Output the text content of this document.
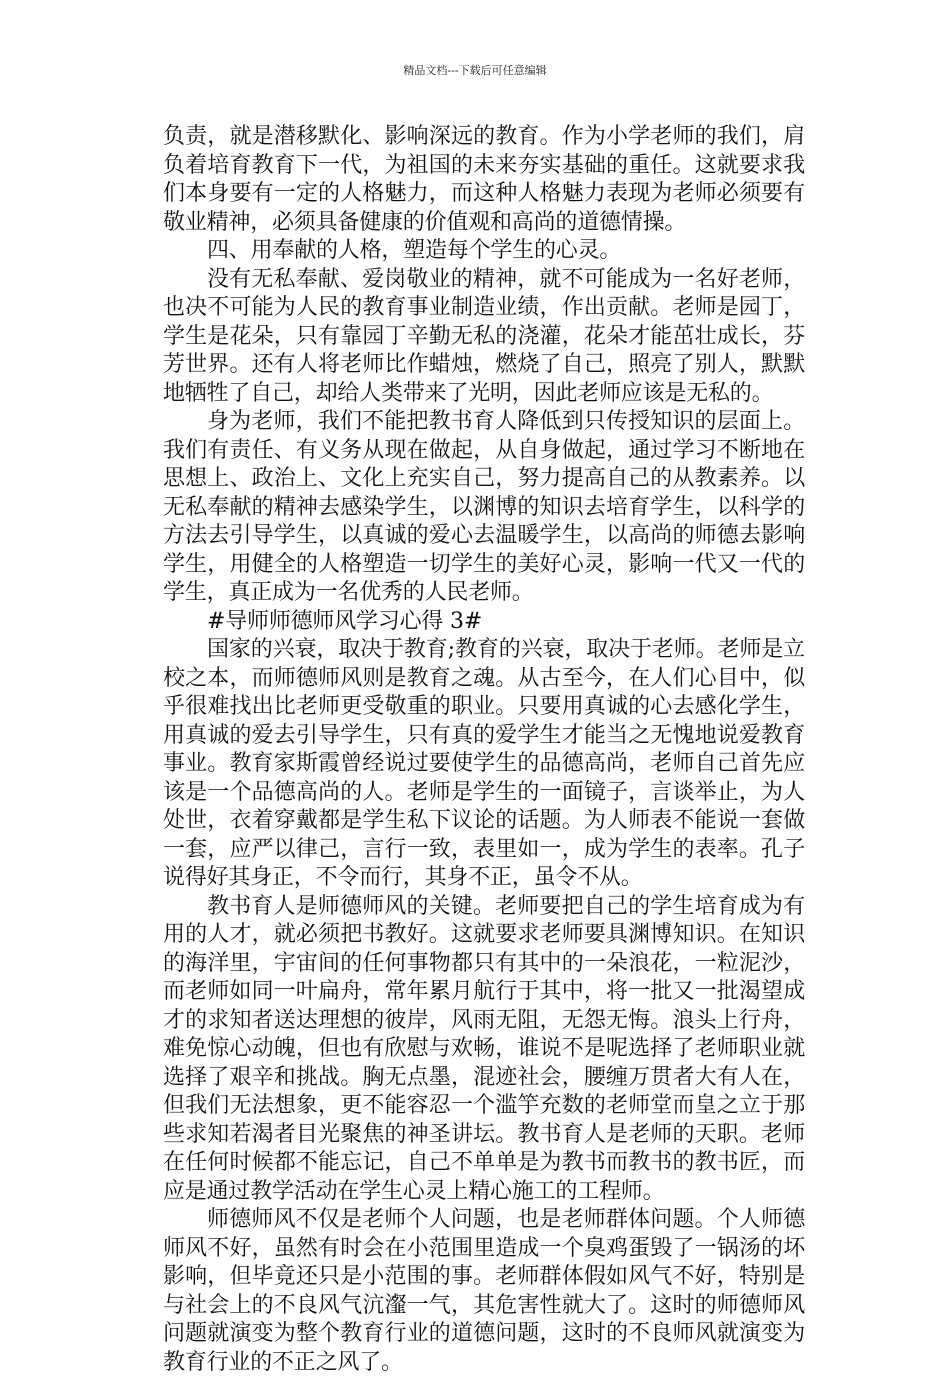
精品文档---下载后可任意编辑

负责，就是潜移默化、影响深远的教育。作为小学老师的我们，肩负着培育教育下一代，为祖国的未来夯实基础的重任。这就要求我们本身要有一定的人格魅力，而这种人格魅力表现为老师必须要有敬业精神，必须具备健康的价值观和高尚的道德情操。

四、用奉献的人格，塑造每个学生的心灵。

没有无私奉献、爱岗敬业的精神，就不可能成为一名好老师，也决不可能为人民的教育事业制造业绩，作出贡献。老师是园丁，学生是花朵，只有靠园丁辛勤无私的浇灌，花朵才能茁壮成长，芬芳世界。还有人将老师比作蜡烛，燃烧了自己，照亮了别人，默默地牺牲了自己，却给人类带来了光明，因此老师应该是无私的。

身为老师，我们不能把教书育人降低到只传授知识的层面上。我们有责任、有义务从现在做起，从自身做起，通过学习不断地在思想上、政治上、文化上充实自己，努力提高自己的从教素养。以无私奉献的精神去感染学生，以渊博的知识去培育学生，以科学的方法去引导学生，以真诚的爱心去温暖学生，以高尚的师德去影响学生，用健全的人格塑造一切学生的美好心灵，影响一代又一代的学生，真正成为一名优秀的人民老师。

#导师师德师风学习心得 3#

国家的兴衰，取决于教育;教育的兴衰，取决于老师。老师是立校之本，而师德师风则是教育之魂。从古至今，在人们心目中，似乎很难找出比老师更受敬重的职业。只要用真诚的心去感化学生，用真诚的爱去引导学生，只有真的爱学生才能当之无愧地说爱教育事业。教育家斯霞曾经说过要使学生的品德高尚，老师自己首先应该是一个品德高尚的人。老师是学生的一面镜子，言谈举止，为人处世，衣着穿戴都是学生私下议论的话题。为人师表不能说一套做一套，应严以律己，言行一致，表里如一，成为学生的表率。孔子说得好其身正，不令而行，其身不正，虽令不从。

教书育人是师德师风的关键。老师要把自己的学生培育成为有用的人才，就必须把书教好。这就要求老师要具渊博知识。在知识的海洋里，宇宙间的任何事物都只有其中的一朵浪花，一粒泥沙，而老师如同一叶扁舟，常年累月航行于其中，将一批又一批渴望成才的求知者送达理想的彼岸，风雨无阻，无怨无悔。浪头上行舟，难免惊心动魄，但也有欣慰与欢畅，谁说不是呢选择了老师职业就选择了艰辛和挑战。胸无点墨，混迹社会，腰缠万贯者大有人在，但我们无法想象，更不能容忍一个滥竽充数的老师堂而皇之立于那些求知若渴者目光聚焦的神圣讲坛。教书育人是老师的天职。老师在任何时候都不能忘记，自己不单单是为教书而教书的教书匠，而应是通过教学活动在学生心灵上精心施工的工程师。

师德师风不仅是老师个人问题，也是老师群体问题。个人师德师风不好，虽然有时会在小范围里造成一个臭鸡蛋毁了一锅汤的坏影响，但毕竟还只是小范围的事。老师群体假如风气不好，特别是与社会上的不良风气沆瀣一气，其危害性就大了。这时的师德师风问题就演变为整个教育行业的道德问题，这时的不良师风就演变为教育行业的不正之风了。
